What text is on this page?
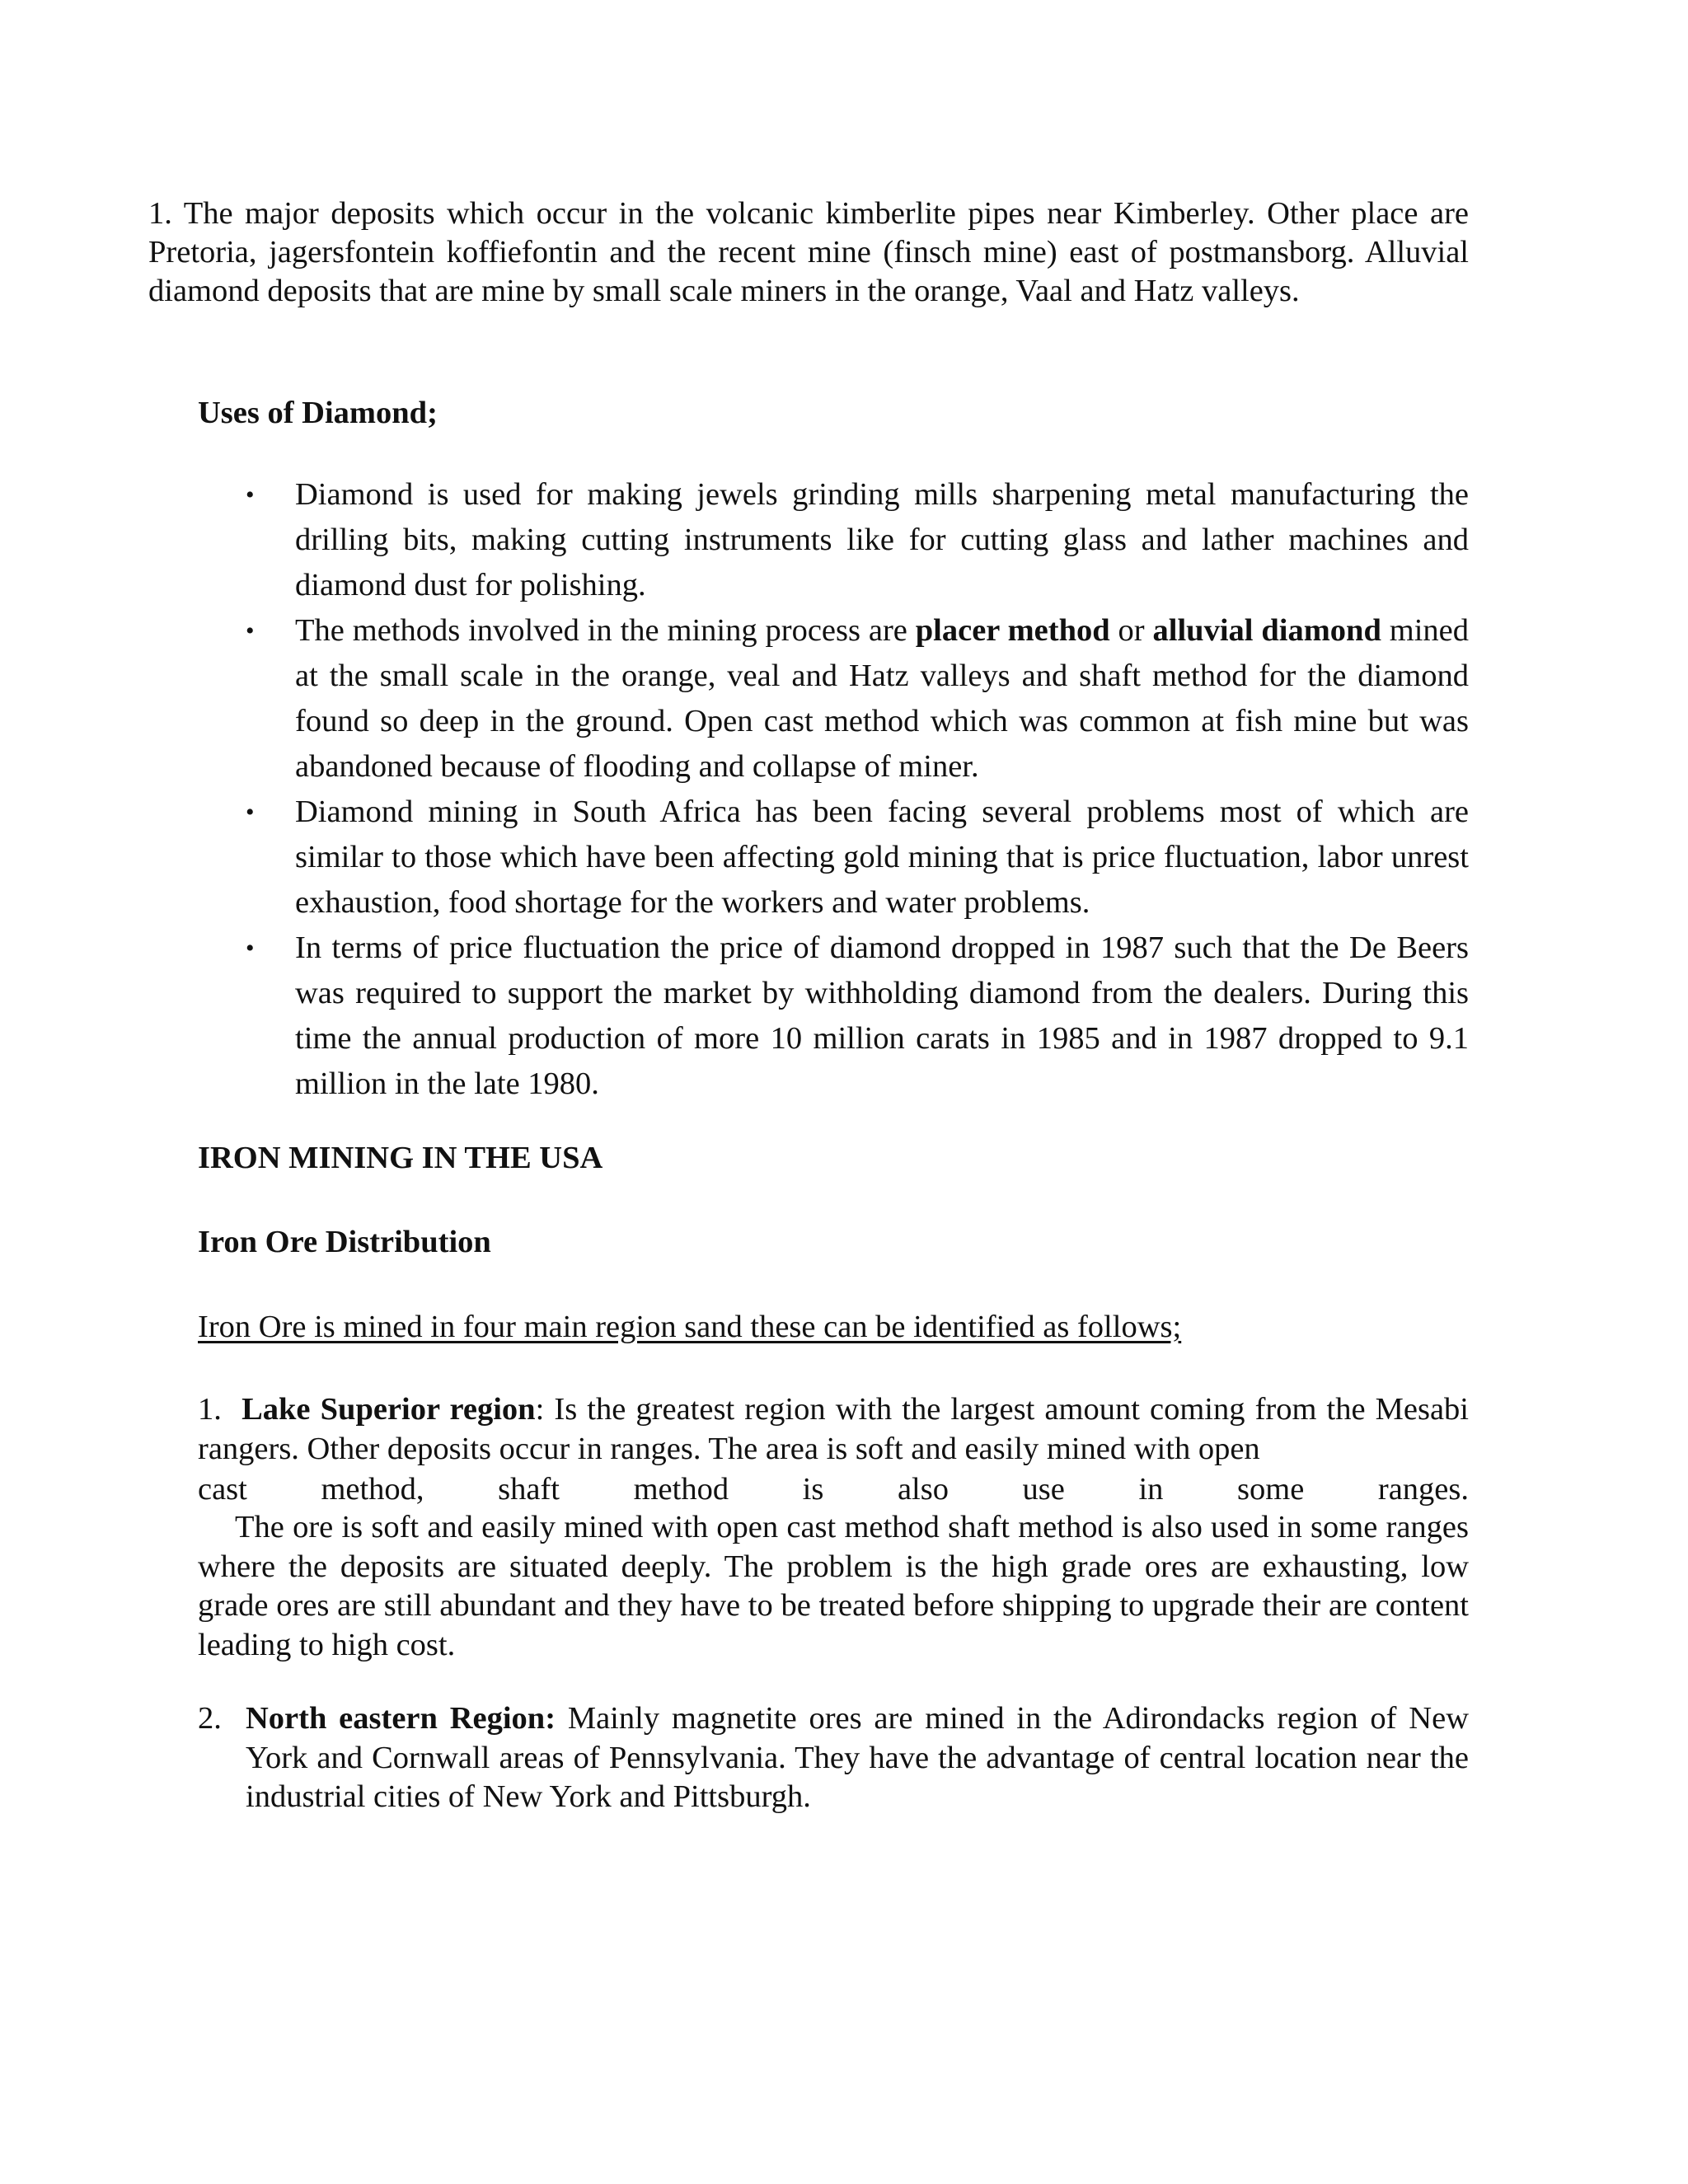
1. The major deposits which occur in the volcanic kimberlite pipes near Kimberley. Other place are Pretoria, jagersfontein koffiefontin and the recent mine (finsch mine) east of postmansborg. Alluvial diamond deposits that are mine by small scale miners in the orange, Vaal and Hatz valleys.
Uses of Diamond;
• Diamond is used for making jewels grinding mills sharpening metal manufacturing the drilling bits, making cutting instruments like for cutting glass and lather machines and diamond dust for polishing.
• The methods involved in the mining process are placer method or alluvial diamond mined at the small scale in the orange, veal and Hatz valleys and shaft method for the diamond found so deep in the ground. Open cast method which was common at fish mine but was abandoned because of flooding and collapse of miner.
• Diamond mining in South Africa has been facing several problems most of which are similar to those which have been affecting gold mining that is price fluctuation, labor unrest exhaustion, food shortage for the workers and water problems.
• In terms of price fluctuation the price of diamond dropped in 1987 such that the De Beers was required to support the market by withholding diamond from the dealers. During this time the annual production of more 10 million carats in 1985 and in 1987 dropped to 9.1 million in the late 1980.
IRON MINING IN THE USA
Iron Ore Distribution
Iron Ore is mined in four main region sand these can be identified as follows;
1. Lake Superior region: Is the greatest region with the largest amount coming from the Mesabi rangers. Other deposits occur in ranges. The area is soft and easily mined with open
cast method, shaft method is also use in some ranges.
The ore is soft and easily mined with open cast method shaft method is also used in some ranges where the deposits are situated deeply. The problem is the high grade ores are exhausting, low grade ores are still abundant and they have to be treated before shipping to upgrade their are content leading to high cost.
2. North eastern Region: Mainly magnetite ores are mined in the Adirondacks region of New York and Cornwall areas of Pennsylvania. They have the advantage of central location near the industrial cities of New York and Pittsburgh.
